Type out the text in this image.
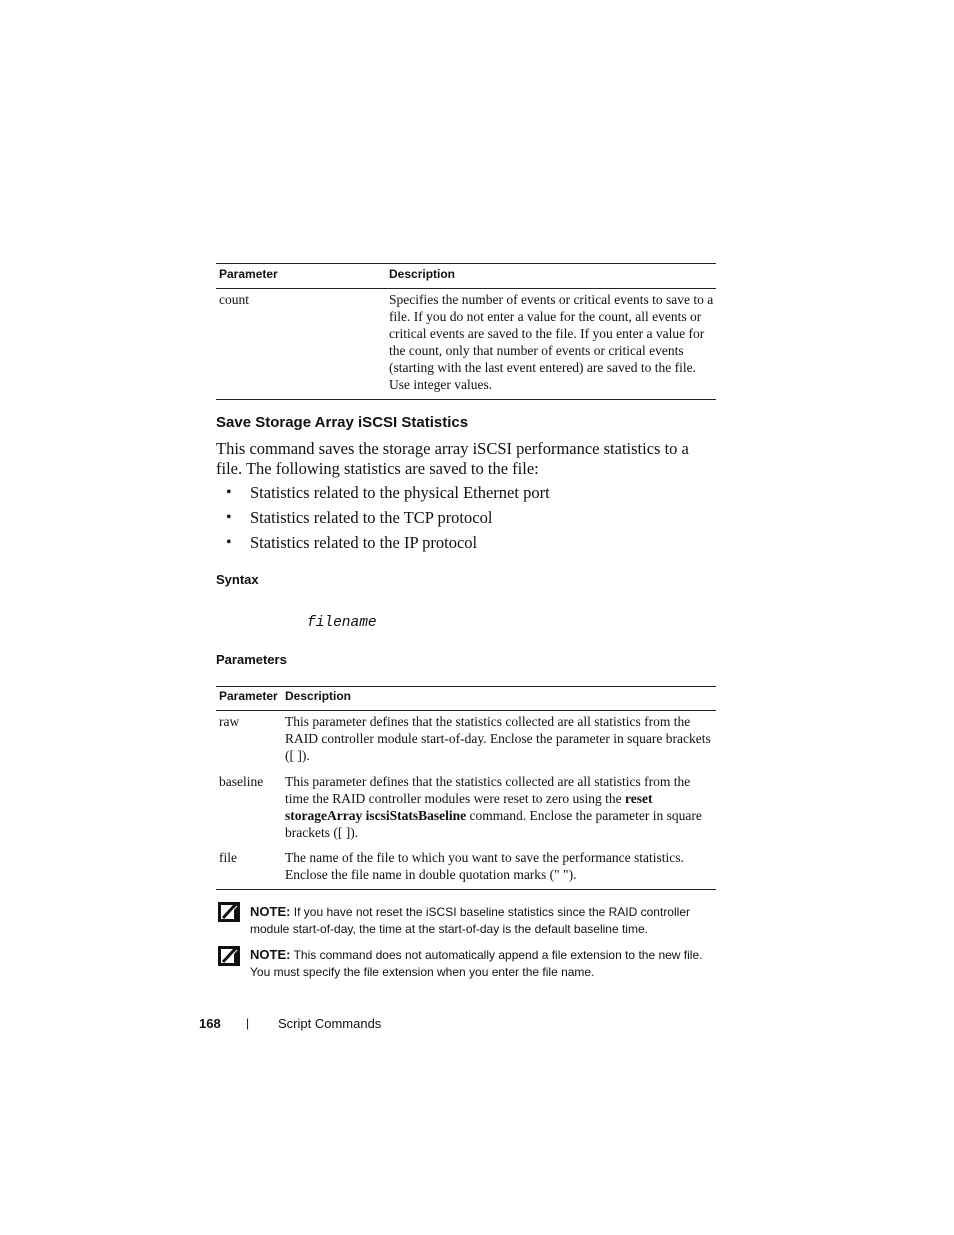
Parameter	Description
count	Specifies the number of events or critical events to save to a file. If you do not enter a value for the count, all events or critical events are saved to the file. If you enter a value for the count, only that number of events or critical events (starting with the last event entered) are saved to the file. Use integer values.
Save Storage Array iSCSI Statistics
This command saves the storage array iSCSI performance statistics to a file. The following statistics are saved to the file:
• Statistics related to the physical Ethernet port
• Statistics related to the TCP protocol
• Statistics related to the IP protocol
Syntax
filename
Parameters
Parameter Description
raw	This parameter defines that the statistics collected are all statistics from the RAID controller module start-of-day. Enclose the parameter in square brackets ([ ]).
baseline This parameter defines that the statistics collected are all statistics from the time the RAID controller modules were reset to zero using the reset storageArray iscsiStatsBaseline command. Enclose the parameter in square brackets ([ ]).
file	The name of the file to which you want to save the performance statistics. Enclose the file name in double quotation marks (" ").
NOTE: If you have not reset the iSCSI baseline statistics since the RAID controller module start-of-day, the time at the start-of-day is the default baseline time.
NOTE: This command does not automatically append a file extension to the new file. You must specify the file extension when you enter the file name.
168 | Script Commands
